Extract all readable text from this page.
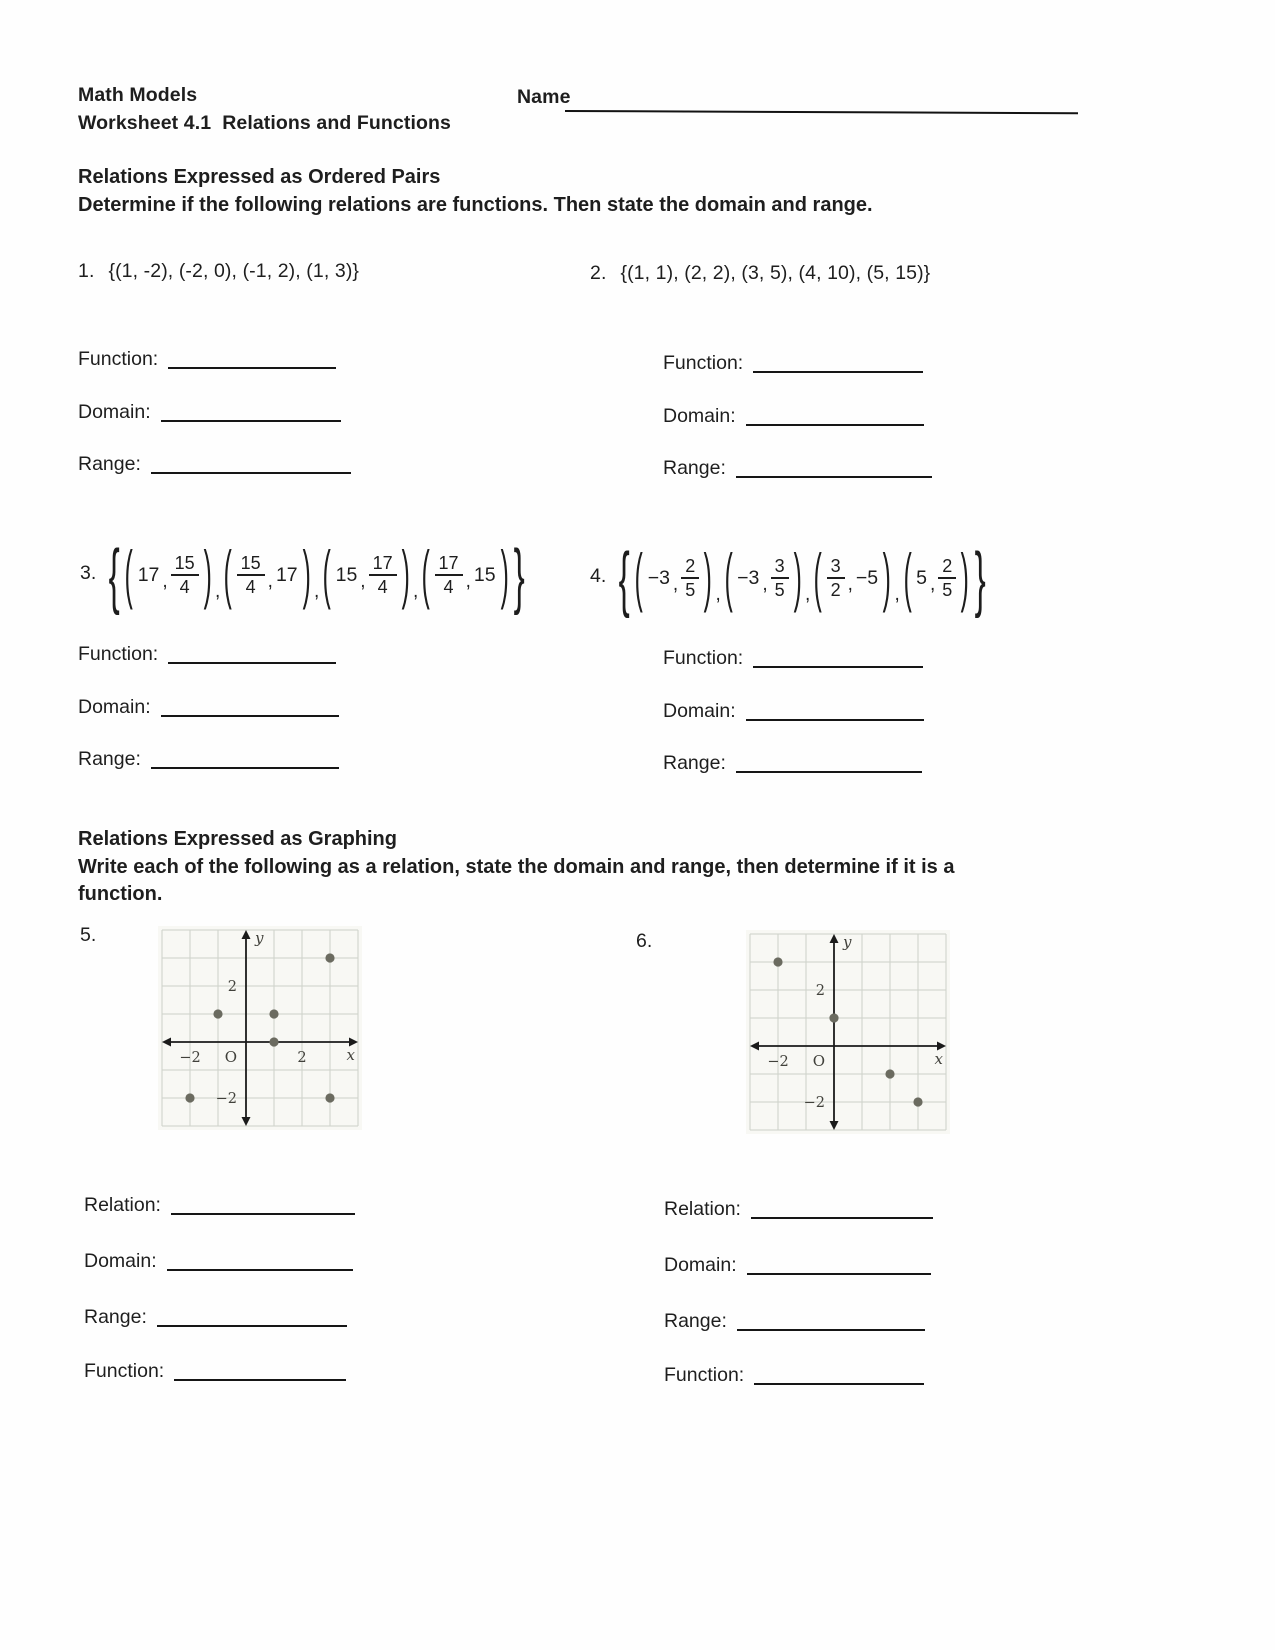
Math Models	Name
Worksheet 4.1  Relations and Functions
Relations Expressed as Ordered Pairs
Determine if the following relations are functions. Then state the domain and range.
1. {(1, -2), (-2, 0), (-1, 2), (1, 3)}	2. {(1, 1), (2, 2), (3, 5), (4, 10), (5, 15)}
Function:
Domain:
Range:
Function:
Domain:
Range:
3. { ( 17 , $\frac{15}{4}$ ) , ( $\frac{15}{4}$ , 17 ) , ( 15 , $\frac{17}{4}$ ) , ( $\frac{17}{4}$ , 15 ) }	4. { ( −3 , $\frac{2}{5}$ ) , ( −3 , $\frac{3}{5}$ ) , ( $\frac{3}{2}$ , −5 ) , ( 5 , $\frac{2}{5}$ ) }
Function:
Domain:
Range:
Function:
Domain:
Range:
Relations Expressed as Graphing
Write each of the following as a relation, state the domain and range, then determine if it is a
function.
5.	6.
−2	2
2
−2
O	x
y
−2
2
−2
O	x
y
Relation:
Domain:
Range:
Function:
Relation:
Domain:
Range:
Function:
